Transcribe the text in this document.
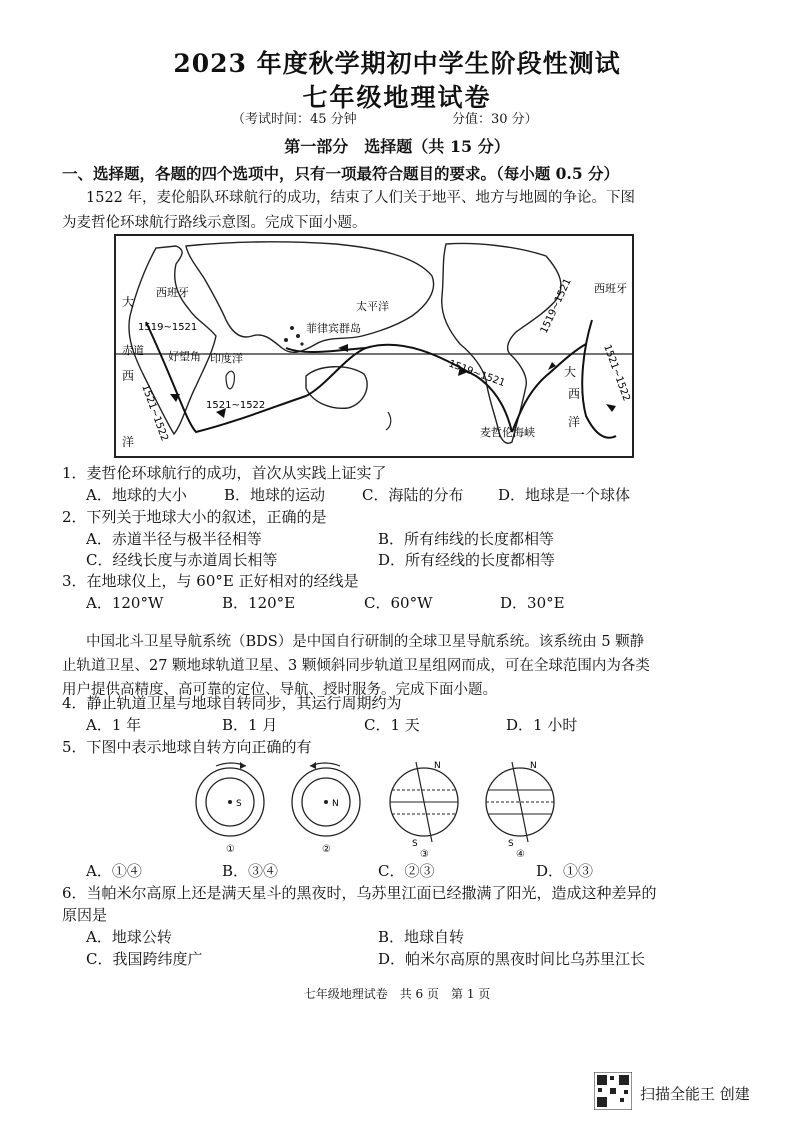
2023 年度秋学期初中学生阶段性测试
七年级地理试卷
（考试时间：45 分钟	分值：30 分）
第一部分　选择题（共 15 分）
一、选择题，各题的四个选项中，只有一项最符合题目的要求。（每小题 0.5 分）
1522 年，麦伦船队环球航行的成功，结束了人们关于地平、地方与地圆的争论。下图
为麦哲伦环球航行路线示意图。完成下面小题。
西班牙	西班牙
太平洋
菲律宾群岛
印度洋
赤道 好望角
麦哲伦海峡
大
西
洋
大
西
洋
1519~1521
1519~1521
1519~1521
1521~1522
1521~1522
1521~1522
1．麦哲伦环球航行的成功，首次从实践上证实了
A．地球的大小 B．地球的运动 C．海陆的分布 D．地球是一个球体
2．下列关于地球大小的叙述，正确的是
A．赤道半径与极半径相等	B．所有纬线的长度都相等
C．经线长度与赤道周长相等	D．所有经线的长度都相等
3．在地球仪上，与 60°E 正好相对的经线是
A．120°W	B．120°E	C．60°W	D．30°E
中国北斗卫星导航系统（BDS）是中国自行研制的全球卫星导航系统。该系统由 5 颗静
止轨道卫星、27 颗地球轨道卫星、3 颗倾斜同步轨道卫星组网而成，可在全球范围内为各类
用户提供高精度、高可靠的定位、导航、授时服务。完成下面小题。
4．静止轨道卫星与地球自转同步，其运行周期约为
A．1 年	B．1 月	C．1 天	D．1 小时
5．下图中表示地球自转方向正确的有
S
①
N
②
N
S
③
N
S
④
A．①④	B．③④	C．②③	D．①③
6．当帕米尔高原上还是满天星斗的黑夜时，乌苏里江面已经撒满了阳光，造成这种差异的
原因是
A．地球公转	B．地球自转
C．我国跨纬度广	D．帕米尔高原的黑夜时间比乌苏里江长
七年级地理试卷　共 6 页　第 1 页
扫描全能王 创建
